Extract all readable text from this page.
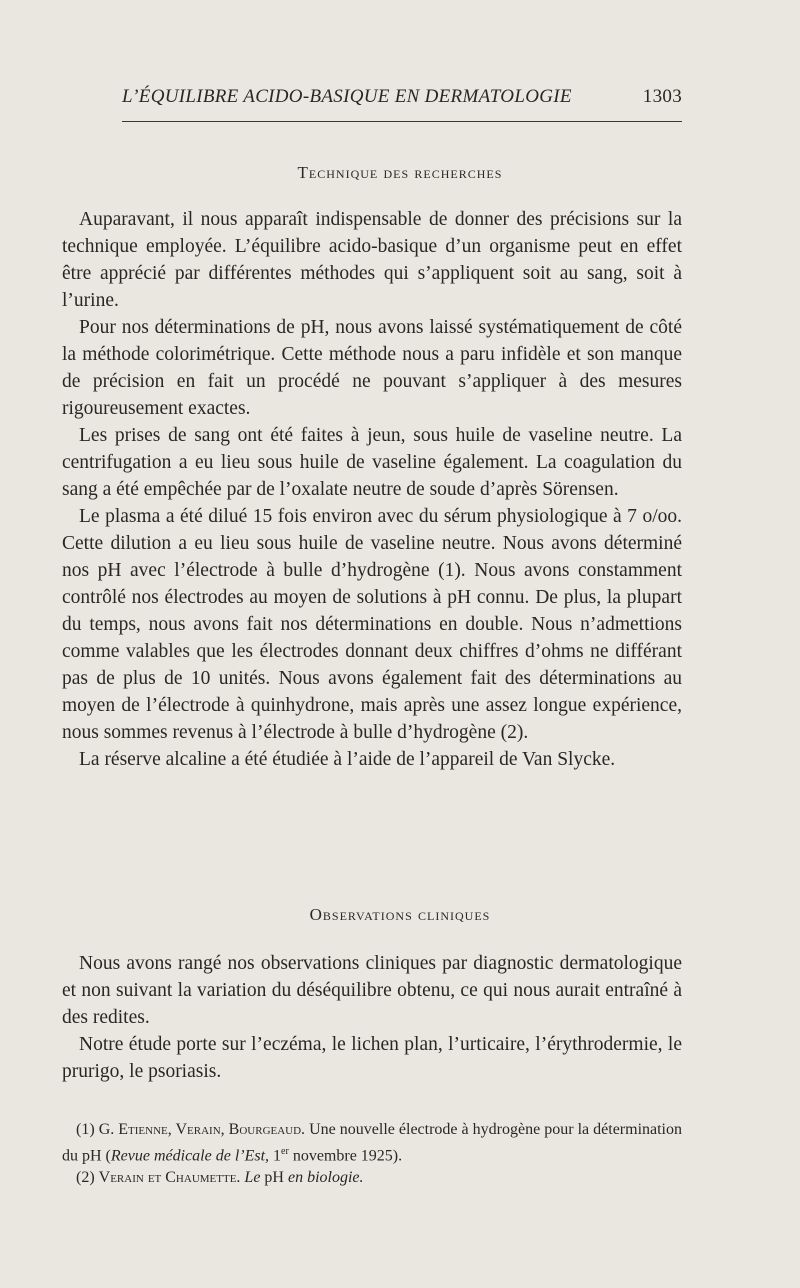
L’ÉQUILIBRE ACIDO-BASIQUE EN DERMATOLOGIE	1303
Technique des recherches

Auparavant, il nous apparaît indispensable de donner des précisions sur la technique employée. L’équilibre acido-basique d’un organisme peut en effet être apprécié par différentes méthodes qui s’appliquent soit au sang, soit à l’urine.

Pour nos déterminations de pH, nous avons laissé systématiquement de côté la méthode colorimétrique. Cette méthode nous a paru infidèle et son manque de précision en fait un procédé ne pouvant s’appliquer à des mesures rigoureusement exactes.

Les prises de sang ont été faites à jeun, sous huile de vaseline neutre. La centrifugation a eu lieu sous huile de vaseline également. La coagulation du sang a été empêchée par de l’oxalate neutre de soude d’après Sörensen.

Le plasma a été dilué 15 fois environ avec du sérum physiologique à 7 o/oo. Cette dilution a eu lieu sous huile de vaseline neutre. Nous avons déterminé nos pH avec l’électrode à bulle d’hydrogène (1). Nous avons constamment contrôlé nos électrodes au moyen de solutions à pH connu. De plus, la plupart du temps, nous avons fait nos déterminations en double. Nous n’admettions comme valables que les électrodes donnant deux chiffres d’ohms ne différant pas de plus de 10 unités. Nous avons également fait des déterminations au moyen de l’électrode à quinhydrone, mais après une assez longue expérience, nous sommes revenus à l’électrode à bulle d’hydrogène (2).

La réserve alcaline a été étudiée à l’aide de l’appareil de Van Slycke.

Observations cliniques

Nous avons rangé nos observations cliniques par diagnostic dermatologique et non suivant la variation du déséquilibre obtenu, ce qui nous aurait entraîné à des redites.

Notre étude porte sur l’eczéma, le lichen plan, l’urticaire, l’érythrodermie, le prurigo, le psoriasis.

(1) G. Etienne, Verain, Bourgeaud. Une nouvelle électrode à hydrogène pour la détermination du pH (Revue médicale de l’Est, 1er novembre 1925).

(2) Verain et Chaumette. Le pH en biologie.
